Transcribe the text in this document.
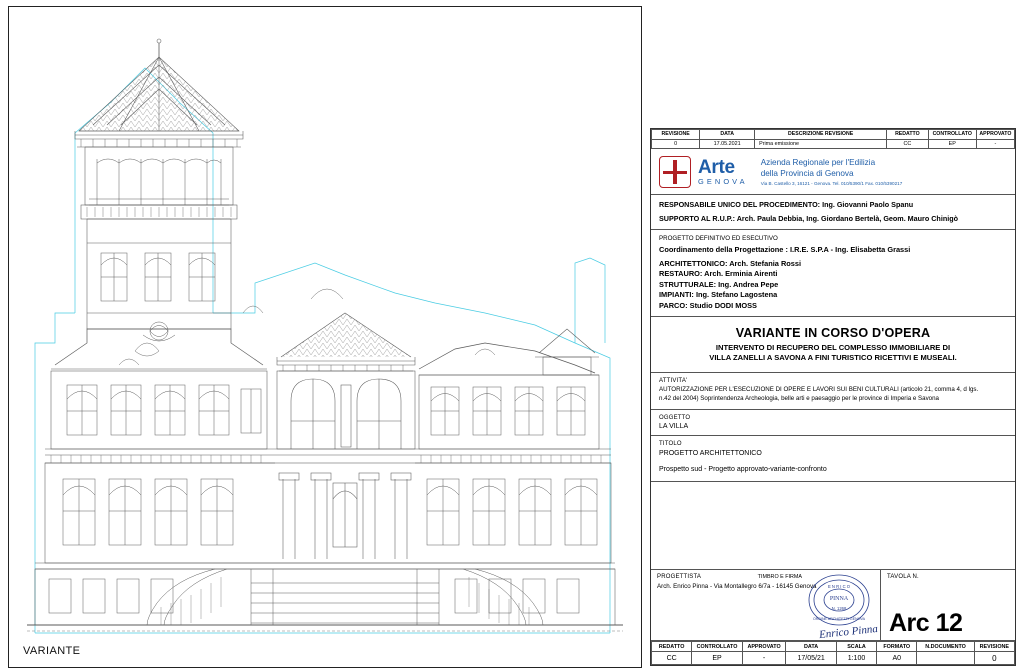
VARIANTE
REVISIONE	DATA	DESCRIZIONE REVISIONE	REDATTO	CONTROLLATO	APPROVATO
0	17.05.2021	Prima emissione	CC	EP	-
Arte
GENOVA
Azienda Regionale per l'Edilizia
della Provincia di Genova
Via B. Castello 3, 16121 - Genova. Tel. 010/5390/1 Fax. 010/5390217
RESPONSABILE UNICO DEL PROCEDIMENTO: Ing. Giovanni Paolo Spanu
SUPPORTO AL R.U.P.: Arch. Paula Debbia, Ing. Giordano Bertelà, Geom. Mauro Chinigò
PROGETTO DEFINITIVO ED ESECUTIVO
Coordinamento della Progettazione : I.R.E. S.P.A - Ing. Elisabetta Grassi
ARCHITETTONICO: Arch. Stefania Rossi
RESTAURO: Arch. Erminia Airenti
STRUTTURALE: Ing. Andrea Pepe
IMPIANTI: Ing. Stefano Lagostena
PARCO: Studio DODI MOSS
VARIANTE IN CORSO D'OPERA
INTERVENTO DI RECUPERO DEL COMPLESSO IMMOBILIARE DI
VILLA ZANELLI A SAVONA A FINI TURISTICO RICETTIVI E MUSEALI.
ATTIVITA'
AUTORIZZAZIONE PER L'ESECUZIONE DI OPERE E LAVORI SUI BENI CULTURALI (articolo 21, comma 4, d lgs.
n.42 del 2004) Soprintendenza Archeologia, belle arti e paesaggio per le province di Imperia e Savona
OGGETTO
LA VILLA
TITOLO
PROGETTO ARCHITETTONICO
Prospetto sud - Progetto approvato-variante-confronto
PROGETTISTA
Arch. Enrico Pinna - Via Montallegro 6/7a - 16145 Genova
TIMBRO E FIRMA
E N R I C O
PINNA
N. 1268
ORDINE ARCHITETTI GENOVA
Enrico Pinna
TAVOLA N.
Arc 12
REDATTO	CONTROLLATO	APPROVATO	DATA	SCALA	FORMATO	N.DOCUMENTO	REVISIONE
CC	EP	-	17/05/21	1:100	A0		0
